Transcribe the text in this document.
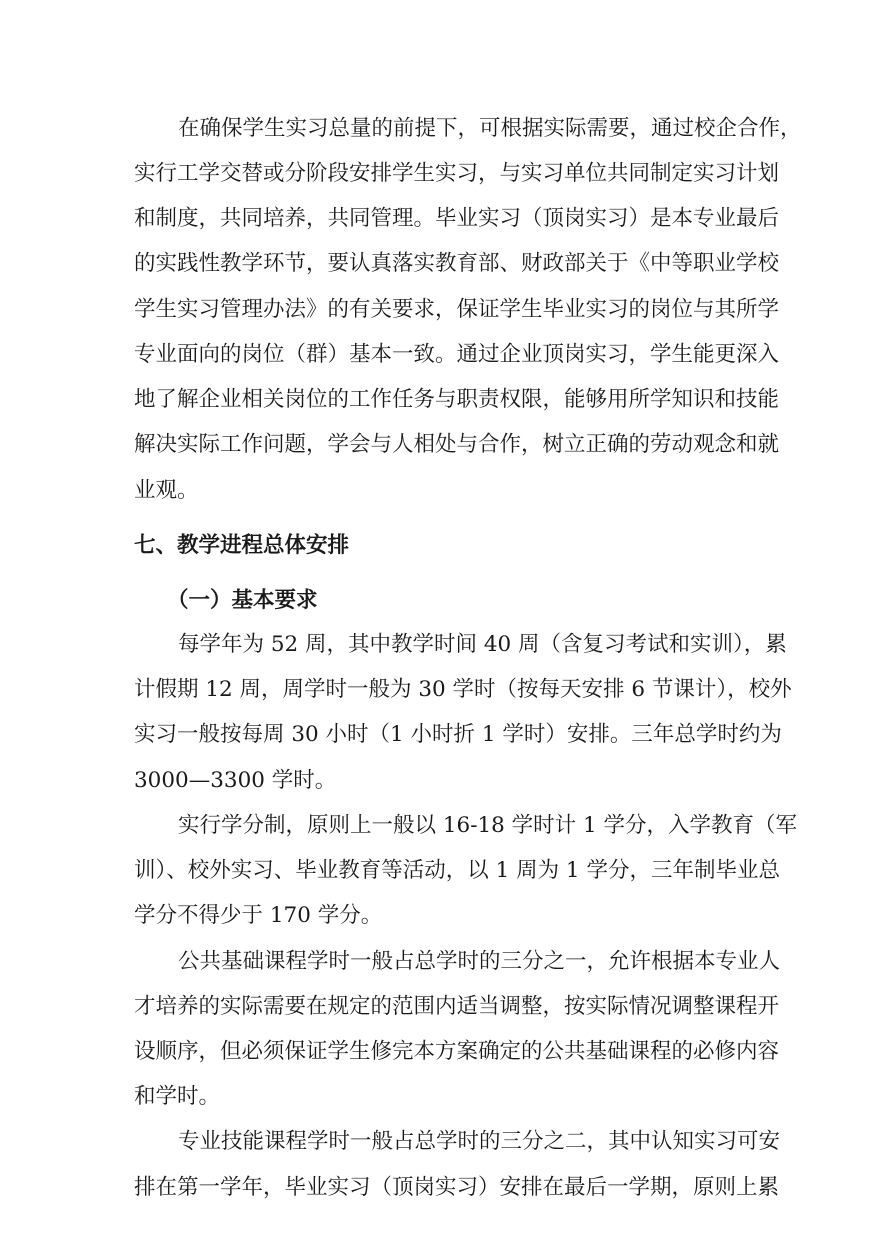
在确保学生实习总量的前提下，可根据实际需要，通过校企合作，
实行工学交替或分阶段安排学生实习，与实习单位共同制定实习计划
和制度，共同培养，共同管理。毕业实习（顶岗实习）是本专业最后
的实践性教学环节，要认真落实教育部、财政部关于《中等职业学校
学生实习管理办法》的有关要求，保证学生毕业实习的岗位与其所学
专业面向的岗位（群）基本一致。通过企业顶岗实习，学生能更深入
地了解企业相关岗位的工作任务与职责权限，能够用所学知识和技能
解决实际工作问题，学会与人相处与合作，树立正确的劳动观念和就
业观。
七、教学进程总体安排
（一）基本要求
每学年为 52 周，其中教学时间 40 周（含复习考试和实训），累
计假期 12 周，周学时一般为 30 学时（按每天安排 6 节课计），校外
实习一般按每周 30 小时（1 小时折 1 学时）安排。三年总学时约为
3000—3300 学时。
实行学分制，原则上一般以 16-18 学时计 1 学分，入学教育（军
训）、校外实习、毕业教育等活动，以 1 周为 1 学分，三年制毕业总
学分不得少于 170 学分。
公共基础课程学时一般占总学时的三分之一，允许根据本专业人
才培养的实际需要在规定的范围内适当调整，按实际情况调整课程开
设顺序，但必须保证学生修完本方案确定的公共基础课程的必修内容
和学时。
专业技能课程学时一般占总学时的三分之二，其中认知实习可安
排在第一学年，毕业实习（顶岗实习）安排在最后一学期，原则上累
